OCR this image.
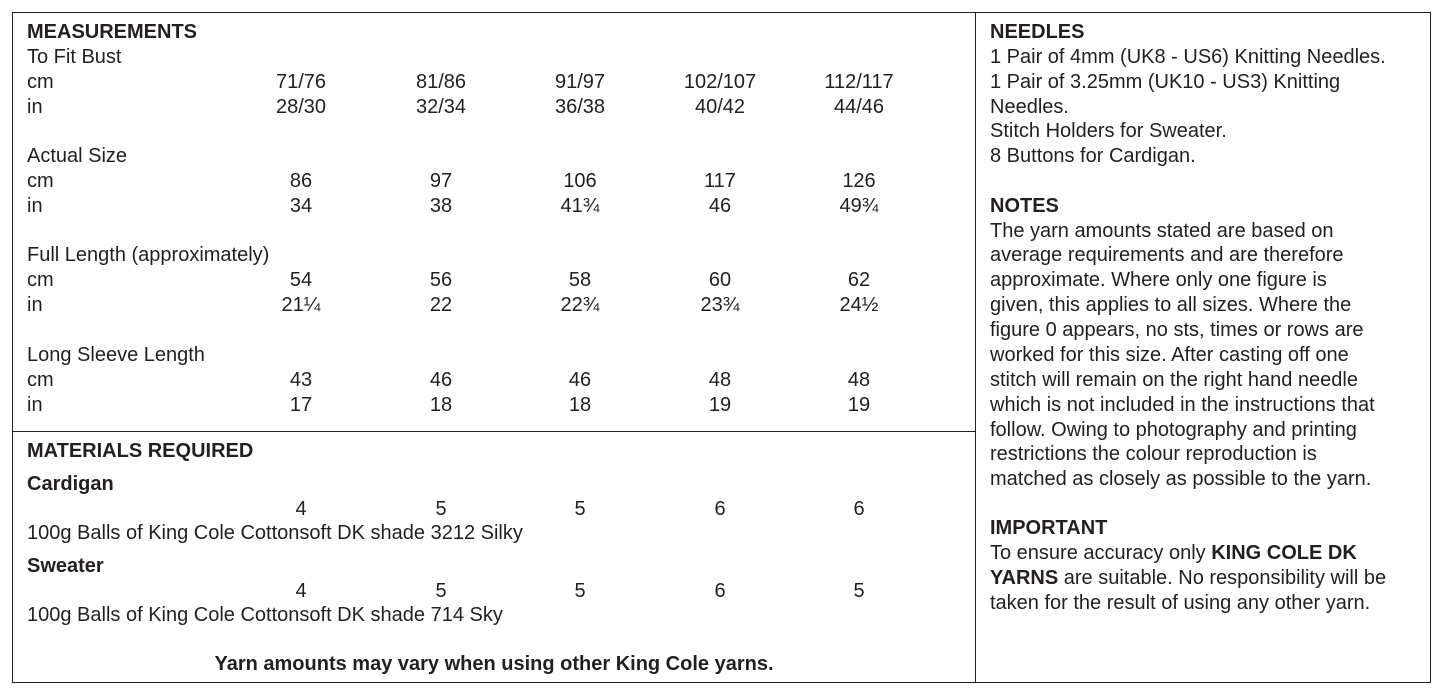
MEASUREMENTS
To Fit Bust
cm	71/76	81/86	91/97	102/107	112/117
in	28/30	32/34	36/38	40/42	44/46
Actual Size
cm	86	97	106	117	126
in	34	38	41¾	46	49¾
Full Length (approximately)
cm	54	56	58	60	62
in	21¼	22	22¾	23¾	24½
Long Sleeve Length
cm	43	46	46	48	48
in	17	18	18	19	19
MATERIALS REQUIRED
Cardigan
4	5	5	6	6
100g Balls of King Cole Cottonsoft DK shade 3212 Silky
Sweater
4	5	5	6	5
100g Balls of King Cole Cottonsoft DK shade 714 Sky
Yarn amounts may vary when using other King Cole yarns.
NEEDLES
1 Pair of 4mm (UK8 - US6) Knitting Needles.
1 Pair of 3.25mm (UK10 - US3) Knitting
Needles.
Stitch Holders for Sweater.
8 Buttons for Cardigan.
NOTES
The yarn amounts stated are based on
average requirements and are therefore
approximate. Where only one figure is
given, this applies to all sizes. Where the
figure 0 appears, no sts, times or rows are
worked for this size. After casting off one
stitch will remain on the right hand needle
which is not included in the instructions that
follow. Owing to photography and printing
restrictions the colour reproduction is
matched as closely as possible to the yarn.
IMPORTANT
To ensure accuracy only KING COLE DK
YARNS are suitable. No responsibility will be
taken for the result of using any other yarn.
